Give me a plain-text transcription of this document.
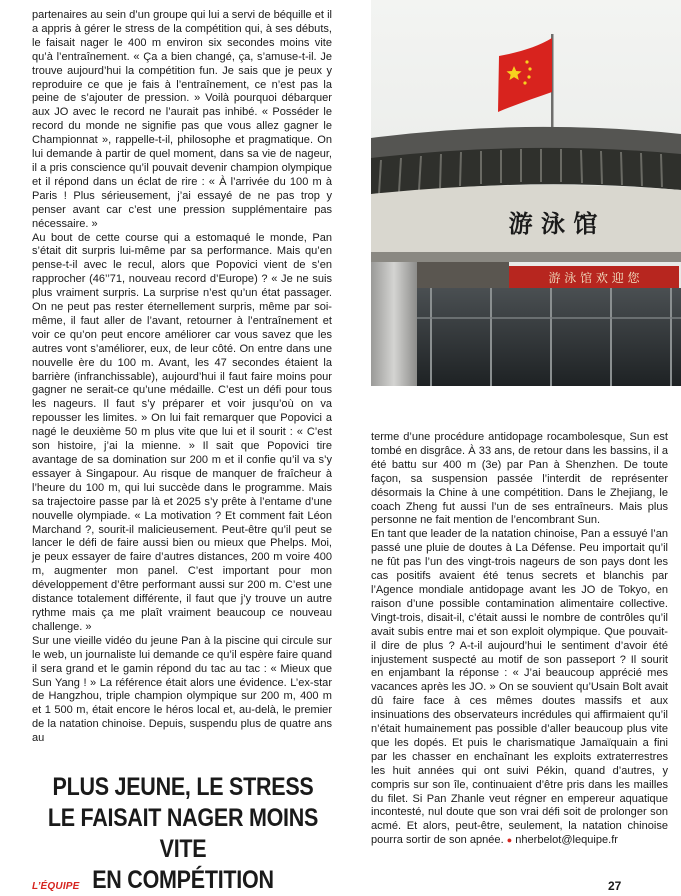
partenaires au sein d’un groupe qui lui a servi de béquille et il a appris à gérer le stress de la compétition qui, à ses débuts, le faisait nager le 400 m environ six secondes moins vite qu’à l’entraînement. « Ça a bien changé, ça, s’amuse-t-il. Je trouve aujourd’hui la compétition fun. Je sais que je peux y reproduire ce que je fais à l’entraînement, ce n’est pas la peine de s’ajouter de pression. » Voilà pourquoi débarquer aux JO avec le record ne l’aurait pas inhibé. « Posséder le record du monde ne signifie pas que vous allez gagner le Championnat », rappelle-t-il, philosophe et pragmatique. On lui demande à partir de quel moment, dans sa vie de nageur, il a pris conscience qu’il pouvait devenir champion olympique et il répond dans un éclat de rire : « À l’arrivée du 100 m à Paris ! Plus sérieusement, j’ai essayé de ne pas trop y penser avant car c’est une pression supplémentaire pas nécessaire. »

Au bout de cette course qui a estomaqué le monde, Pan s’était dit surpris lui-même par sa performance. Mais qu’en pense-t-il avec le recul, alors que Popovici vient de s’en rapprocher (46’’71, nouveau record d’Europe) ? « Je ne suis plus vraiment surpris. La surprise n’est qu’un état passager. On ne peut pas rester éternellement surpris, même par soi-même, il faut aller de l’avant, retourner à l’entraînement et voir ce qu’on peut encore améliorer car vous savez que les autres vont s’améliorer, eux, de leur côté. On entre dans une nouvelle ère du 100 m. Avant, les 47 secondes étaient la barrière (infranchissable), aujourd’hui il faut faire moins pour gagner ne serait-ce qu’une médaille. C’est un défi pour tous les nageurs. Il faut s’y préparer et voir jusqu’où on va repousser les limites. » On lui fait remarquer que Popovici a nagé le deuxième 50 m plus vite que lui et il sourit : « C’est son histoire, j’ai la mienne. » Il sait que Popovici tire avantage de sa domination sur 200 m et il confie qu’il va s’y essayer à Singapour. Au risque de manquer de fraîcheur à l’heure du 100 m, qui lui succède dans le programme. Mais sa trajectoire passe par là et 2025 s’y prête à l’entame d’une nouvelle olympiade. « La motivation ? Et comment fait Léon Marchand ?, sourit-il malicieusement. Peut-être qu’il peut se lancer le défi de faire aussi bien ou mieux que Phelps. Moi, je peux essayer de faire d’autres distances, 200 m voire 400 m, augmenter mon panel. C’est important pour mon développement d’être performant aussi sur 200 m. C’est une distance totalement différente, il faut que j’y trouve un autre rythme mais ça me plaît vraiment beaucoup ce nouveau challenge. »

Sur une vieille vidéo du jeune Pan à la piscine qui circule sur le web, un journaliste lui demande ce qu’il espère faire quand il sera grand et le gamin répond du tac au tac : « Mieux que Sun Yang ! » La référence était alors une évidence. L’ex-star de Hangzhou, triple champion olympique sur 200 m, 400 m et 1 500 m, était encore le héros local et, au-delà, le premier de la natation chinoise. Depuis, suspendu plus de quatre ans au

PLUS JEUNE, LE STRESS
LE FAISAIT NAGER MOINS VITE
EN COMPÉTITION
游 泳 馆
游 泳 馆 欢 迎 您

terme d’une procédure antidopage rocambolesque, Sun est tombé en disgrâce. À 33 ans, de retour dans les bassins, il a été battu sur 400 m (3e) par Pan à Shenzhen. De toute façon, sa suspension passée l’interdit de représenter désormais la Chine à une compétition. Dans le Zhejiang, le coach Zheng fut aussi l’un de ses entraîneurs. Mais plus personne ne fait mention de l’encombrant Sun.

En tant que leader de la natation chinoise, Pan a essuyé l’an passé une pluie de doutes à La Défense. Peu importait qu’il ne fût pas l’un des vingt-trois nageurs de son pays dont les cas positifs avaient été tenus secrets et blanchis par l’Agence mondiale antidopage avant les JO de Tokyo, en raison d’une possible contamination alimentaire collective. Vingt-trois, disait-il, c’était aussi le nombre de contrôles qu’il avait subis entre mai et son exploit olympique. Que pouvait-il dire de plus ? A-t-il aujourd’hui le sentiment d’avoir été injustement suspecté au motif de son passeport ? Il sourit en enjambant la réponse : « J’ai beaucoup apprécié mes vacances après les JO. » On se souvient qu’Usain Bolt avait dû faire face à ces mêmes doutes massifs et aux insinuations des observateurs incrédules qui affirmaient qu’il n’était humainement pas possible d’aller beaucoup plus vite que les dopés. Et puis le charismatique Jamaïquain a fini par les chasser en enchaînant les exploits extraterrestres les huit années qui ont suivi Pékin, quand d’autres, y compris sur son île, continuaient d’être pris dans les mailles du filet. Si Pan Zhanle veut régner en empereur aquatique incontesté, nul doute que son vrai défi soit de prolonger son acmé. Et alors, peut-être, seulement, la natation chinoise pourra sortir de son apnée. ● nherbelot@lequipe.fr

L’ÉQUIPE	27
